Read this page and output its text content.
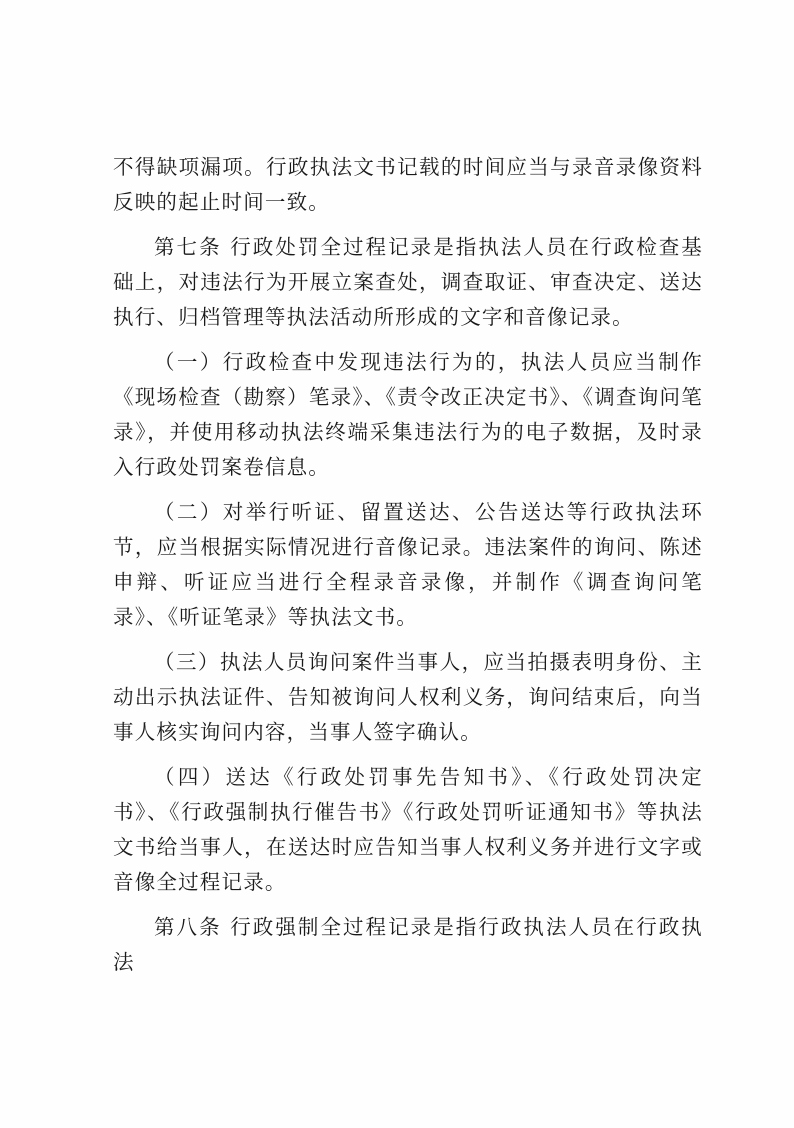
不得缺项漏项。行政执法文书记载的时间应当与录音录像资料反映的起止时间一致。

第七条 行政处罚全过程记录是指执法人员在行政检查基础上，对违法行为开展立案查处，调查取证、审查决定、送达执行、归档管理等执法活动所形成的文字和音像记录。

（一）行政检查中发现违法行为的，执法人员应当制作《现场检查（勘察）笔录》、《责令改正决定书》、《调查询问笔录》，并使用移动执法终端采集违法行为的电子数据，及时录入行政处罚案卷信息。

（二）对举行听证、留置送达、公告送达等行政执法环节，应当根据实际情况进行音像记录。违法案件的询问、陈述申辩、听证应当进行全程录音录像，并制作《调查询问笔录》、《听证笔录》等执法文书。

（三）执法人员询问案件当事人，应当拍摄表明身份、主动出示执法证件、告知被询问人权利义务，询问结束后，向当事人核实询问内容，当事人签字确认。

（四）送达《行政处罚事先告知书》、《行政处罚决定书》、《行政强制执行催告书》《行政处罚听证通知书》等执法文书给当事人，在送达时应告知当事人权利义务并进行文字或音像全过程记录。

第八条 行政强制全过程记录是指行政执法人员在行政执法
